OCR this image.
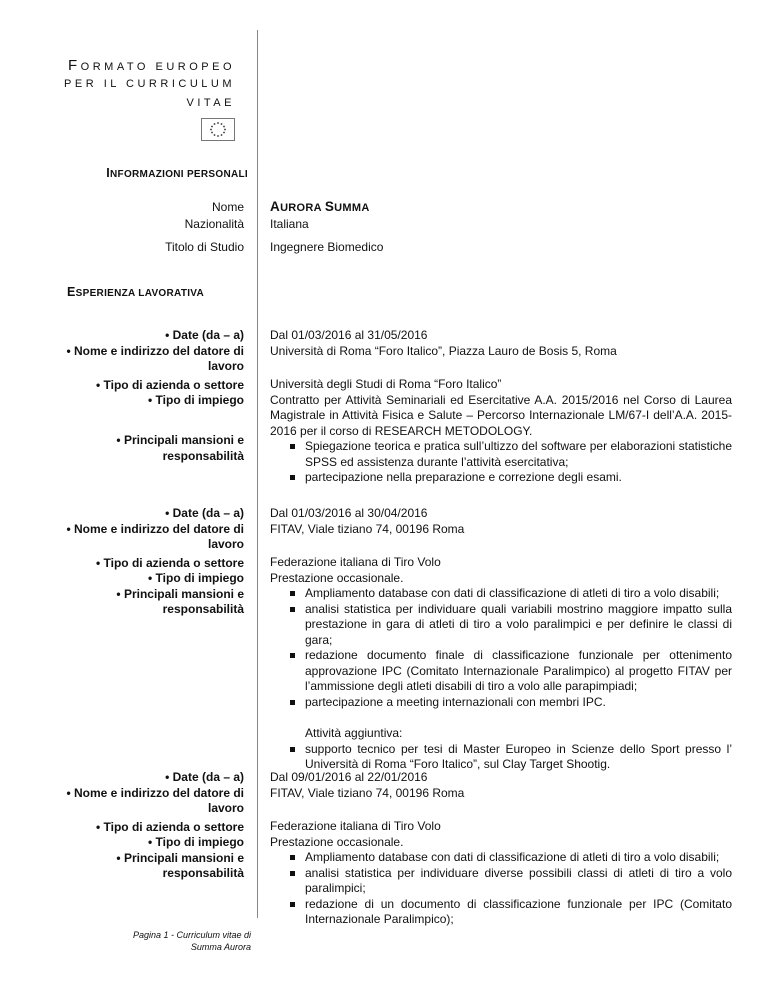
FORMATO EUROPEO
PER IL CURRICULUM
VITAE
INFORMAZIONI PERSONALI
Nome AURORA SUMMA
Nazionalità Italiana
Titolo di Studio Ingegnere Biomedico
ESPERIENZA LAVORATIVA
• Date (da – a)
• Nome e indirizzo del datore di
lavoro
• Tipo di azienda o settore
• Tipo di impiego
• Principali mansioni e
responsabilità
Dal 01/03/2016 al 31/05/2016
Università di Roma “Foro Italico”, Piazza Lauro de Bosis 5, Roma
Università degli Studi di Roma “Foro Italico”
Contratto per Attività Seminariali ed Esercitative A.A. 2015/2016 nel Corso di Laurea Magistrale in Attività Fisica e Salute – Percorso Internazionale LM/67-I dell’A.A. 2015-2016 per il corso di RESEARCH METODOLOGY.
Spiegazione teorica e pratica sull’ultizzo del software per elaborazioni statistiche SPSS ed assistenza durante l’attività esercitativa;
partecipazione nella preparazione e correzione degli esami.
• Date (da – a)
• Nome e indirizzo del datore di
lavoro
• Tipo di azienda o settore
• Tipo di impiego
• Principali mansioni e
responsabilità
Dal 01/03/2016 al 30/04/2016
FITAV, Viale tiziano 74, 00196 Roma
Federazione italiana di Tiro Volo
Prestazione occasionale.
Ampliamento database con dati di classificazione di atleti di tiro a volo disabili;
analisi statistica per individuare quali variabili mostrino maggiore impatto sulla prestazione in gara di atleti di tiro a volo paralimpici e per definire le classi di gara;
redazione documento finale di classificazione funzionale per ottenimento approvazione IPC (Comitato Internazionale Paralimpico) al progetto FITAV per l’ammissione degli atleti disabili di tiro a volo alle parapimpiadi;
partecipazione a meeting internazionali con membri IPC.
Attività aggiuntiva:
supporto tecnico per tesi di Master Europeo in Scienze dello Sport presso l’ Università di Roma “Foro Italico”, sul Clay Target Shootig.
• Date (da – a)
• Nome e indirizzo del datore di
lavoro
• Tipo di azienda o settore
• Tipo di impiego
• Principali mansioni e
responsabilità
Dal 09/01/2016 al 22/01/2016
FITAV, Viale tiziano 74, 00196 Roma
Federazione italiana di Tiro Volo
Prestazione occasionale.
Ampliamento database con dati di classificazione di atleti di tiro a volo disabili;
analisi statistica per individuare diverse possibili classi di atleti di tiro a volo paralimpici;
redazione di un documento di classificazione funzionale per IPC (Comitato Internazionale Paralimpico);
Pagina 1 - Curriculum vitae di
Summa Aurora
